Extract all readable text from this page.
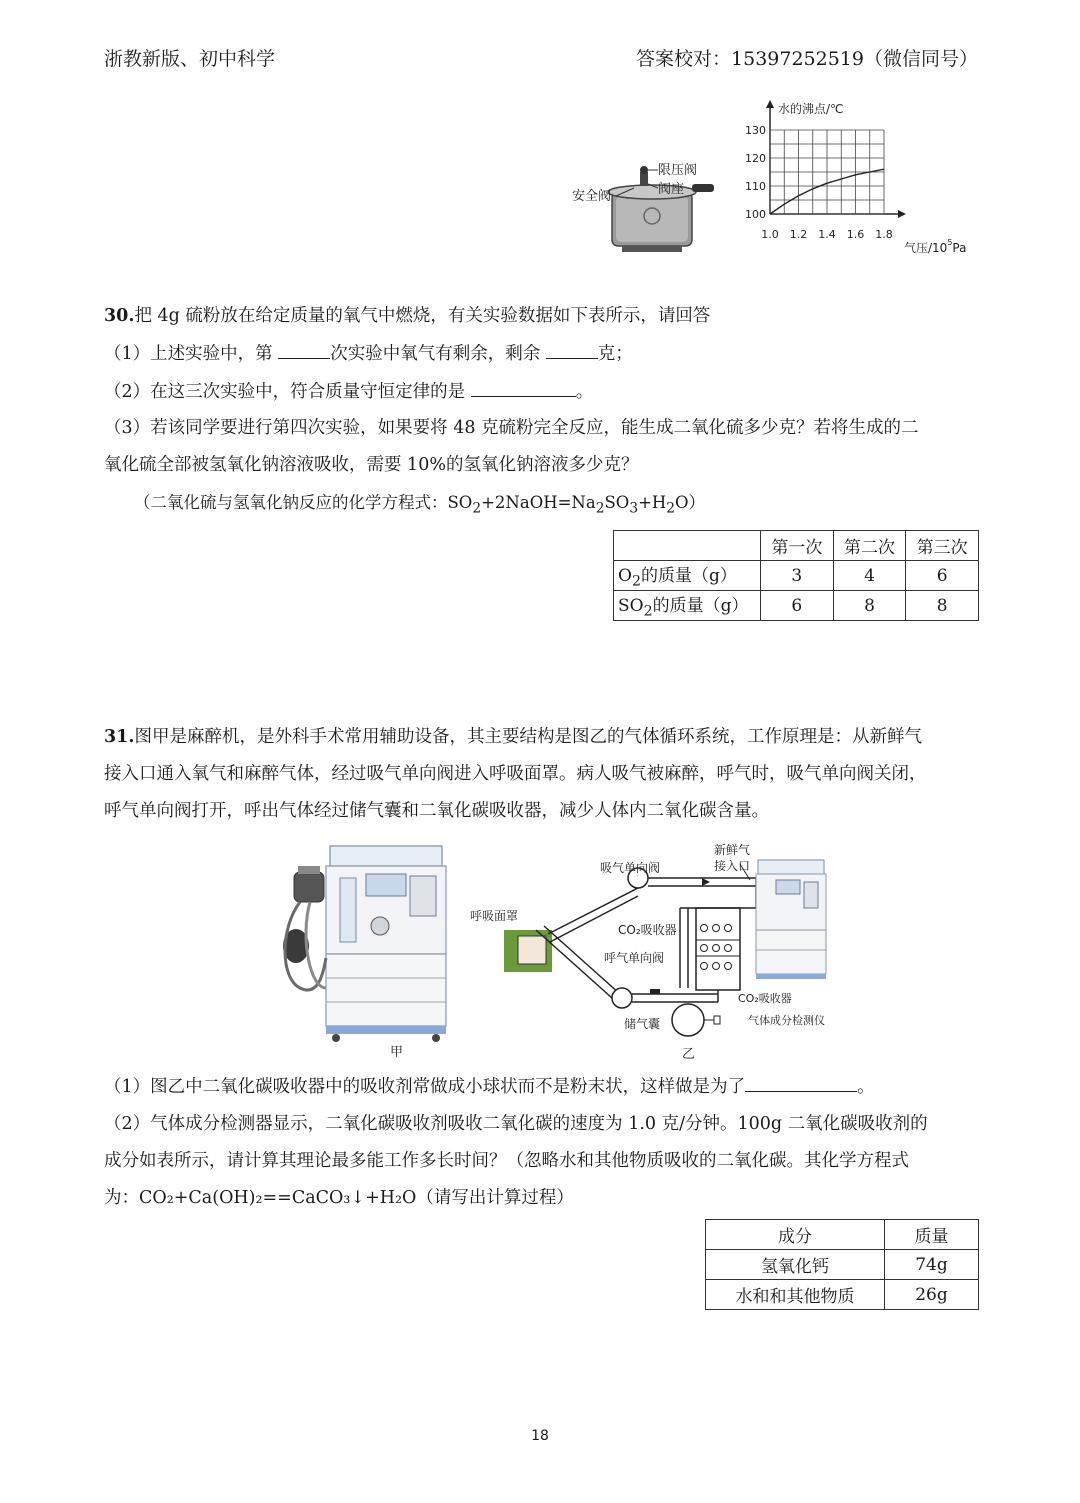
浙教新版、初中科学	答案校对：15397252519（微信同号）
限压阀
阀座
安全阀
水的沸点/℃
气压$/10^5Pa$
100
110
120
130
1.0 1.2 1.4 1.6 1.8
30.把 4g 硫粉放在给定质量的氧气中燃烧，有关实验数据如下表所示，请回答
（1）上述实验中，第	次实验中氧气有剩余，剩余	克；
（2）在这三次实验中，符合质量守恒定律的是	。
（3）若该同学要进行第四次实验，如果要将 48 克硫粉完全反应，能生成二氧化硫多少克？若将生成的二
氧化硫全部被氢氧化钠溶液吸收，需要 10%的氢氧化钠溶液多少克？
（二氧化硫与氢氧化钠反应的化学方程式：$SO_2+2NaOH=Na_2SO_3+H_2O$）
	第一次	第二次	第三次
$O_2$的质量（g）	3	4	6
$SO_2$的质量（g）	6	8	8
31.图甲是麻醉机，是外科手术常用辅助设备，其主要结构是图乙的气体循环系统，工作原理是：从新鲜气
接入口通入氧气和麻醉气体，经过吸气单向阀进入呼吸面罩。病人吸气被麻醉，呼气时，吸气单向阀关闭，
呼气单向阀打开，呼出气体经过储气囊和二氧化碳吸收器，减少人体内二氧化碳含量。
甲
新鲜气
接入口
吸气单向阀
呼吸面罩
CO₂吸收器
呼气单向阀
CO₂吸收器
储气囊	气体成分检测仪
乙
（1）图乙中二氧化碳吸收器中的吸收剂常做成小球状而不是粉末状，这样做是为了	。
（2）气体成分检测器显示，二氧化碳吸收剂吸收二氧化碳的速度为 1.0 克/分钟。100g 二氧化碳吸收剂的
成分如表所示，请计算其理论最多能工作多长时间？（忽略水和其他物质吸收的二氧化碳。其化学方程式
为：CO₂+Ca(OH)₂==CaCO₃↓+H₂O（请写出计算过程）
成分	质量
氢氧化钙	74g
水和和其他物质	26g
18
